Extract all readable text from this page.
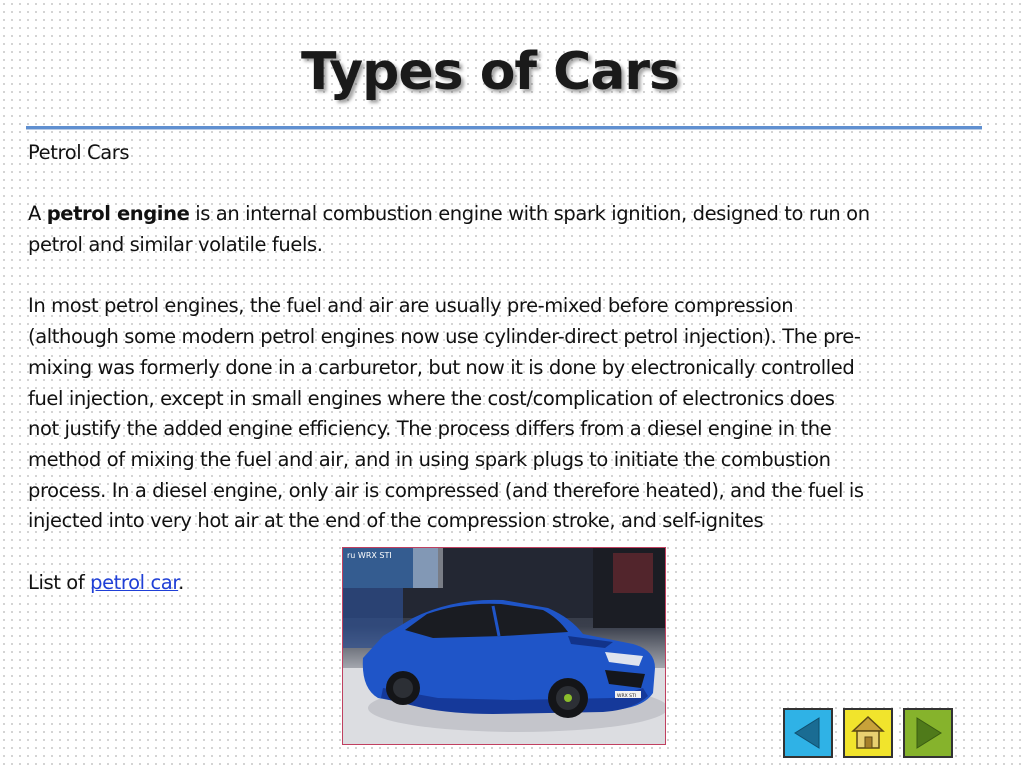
Types of Cars

Petrol Cars

A petrol engine is an internal combustion engine with spark ignition, designed to run on

petrol and similar volatile fuels.

In most petrol engines, the fuel and air are usually pre-mixed before compression

(although some modern petrol engines now use cylinder-direct petrol injection). The pre-

mixing was formerly done in a carburetor, but now it is done by electronically controlled

fuel injection, except in small engines where the cost/complication of electronics does

not justify the added engine efficiency. The process differs from a diesel engine in the

method of mixing the fuel and air, and in using spark plugs to initiate the combustion

process. In a diesel engine, only air is compressed (and therefore heated), and the fuel is

injected into very hot air at the end of the compression stroke, and self-ignites

List of petrol car.

ru WRX STI
WRX STI
